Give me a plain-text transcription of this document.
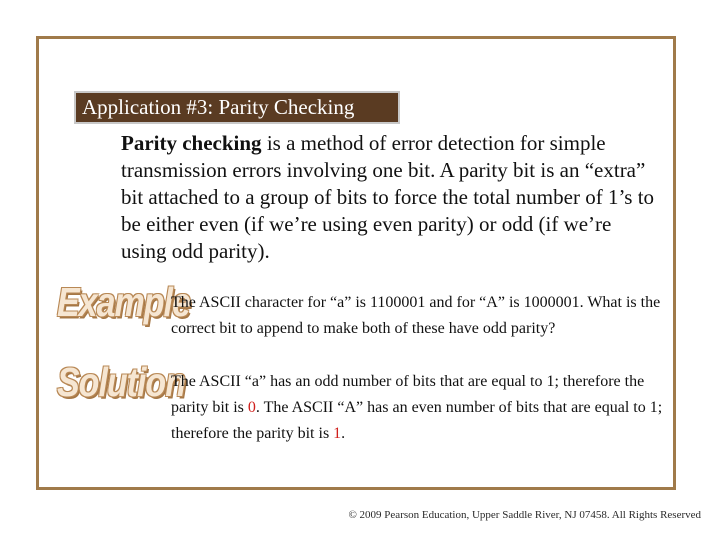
Application #3: Parity Checking
Parity checking is a method of error detection for simple transmission errors involving one bit. A parity bit is an “extra” bit attached to a group of bits to force the total number of 1’s to be either even (if we’re using even parity) or odd (if we’re using odd parity).
Example
The ASCII character for “a” is 1100001 and for “A” is 1000001. What is the correct bit to append to make both of these have odd parity?
Solution
The ASCII “a” has an odd number of bits that are equal to 1; therefore the parity bit is 0. The ASCII “A” has an even number of bits that are equal to 1; therefore the parity bit is 1.
© 2009 Pearson Education, Upper Saddle River, NJ 07458. All Rights Reserved
